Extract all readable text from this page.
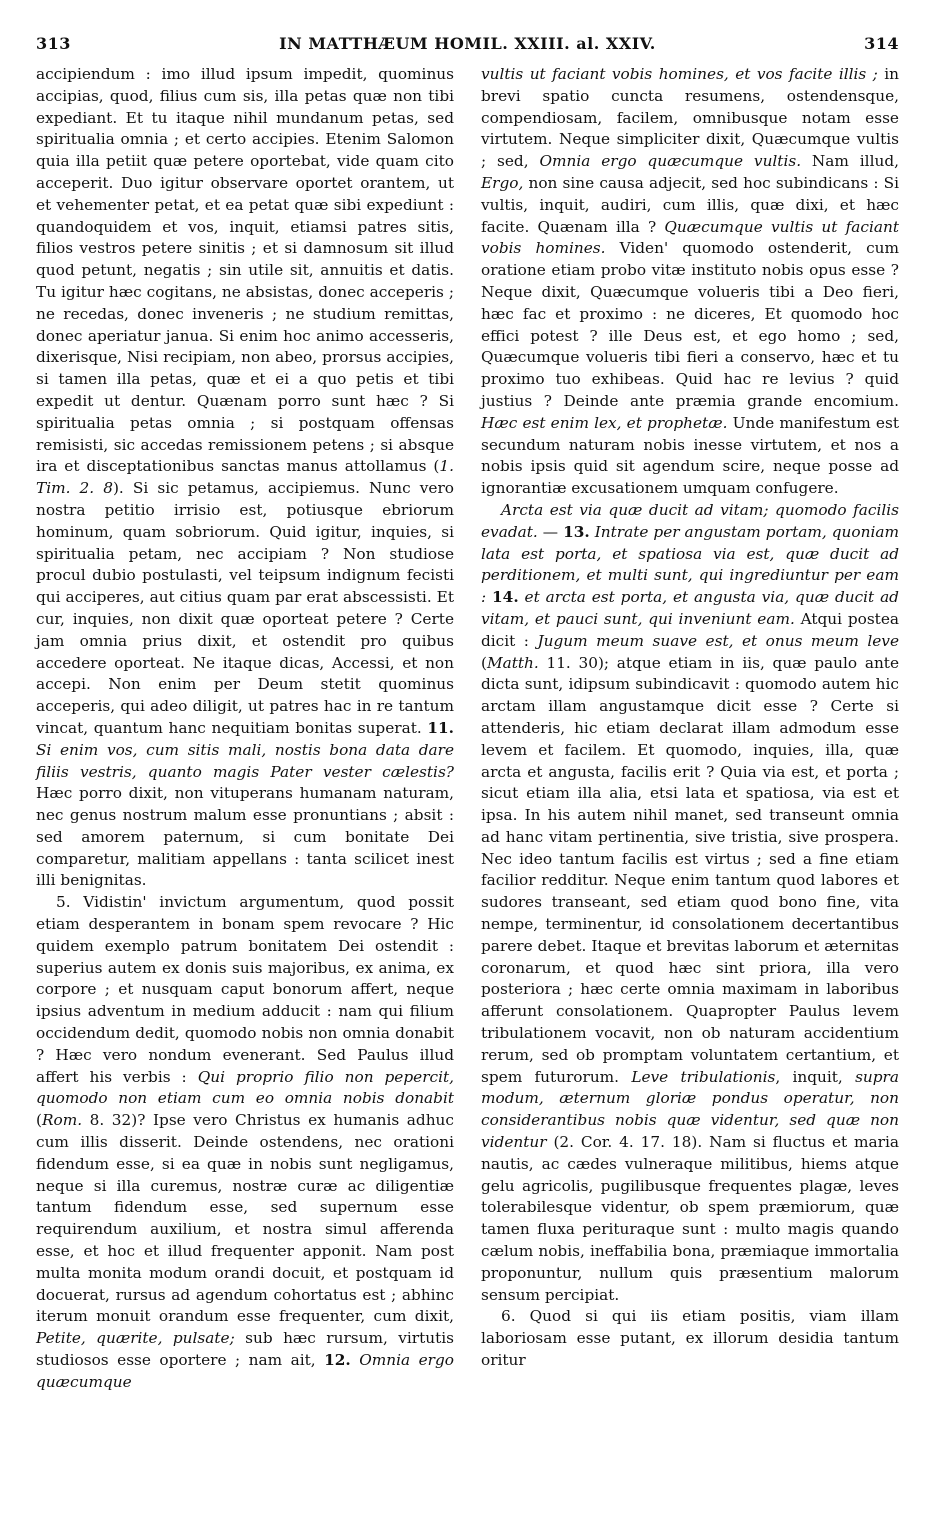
313	IN MATTHÆUM HOMIL. XXIII. al. XXIV.	314

accipiendum : imo illud ipsum impedit, quominus accipias, quod, filius cum sis, illa petas quæ non tibi expediant. Et tu itaque nihil mundanum petas, sed spiritualia omnia ; et certo accipies. Etenim Salomon quia illa petiit quæ petere oportebat, vide quam cito acceperit. Duo igitur observare oportet orantem, ut et vehementer petat, et ea petat quæ sibi expediunt : quandoquidem et vos, inquit, etiamsi patres sitis, filios vestros petere sinitis ; et si damnosum sit illud quod petunt, negatis ; sin utile sit, annuitis et datis. Tu igitur hæc cogitans, ne absistas, donec acceperis ; ne recedas, donec inveneris ; ne studium remittas, donec aperiatur janua. Si enim hoc animo accesseris, dixerisque, Nisi recipiam, non abeo, prorsus accipies, si tamen illa petas, quæ et ei a quo petis et tibi expedit ut dentur. Quænam porro sunt hæc ? Si spiritualia petas omnia ; si postquam offensas remisisti, sic accedas remissionem petens ; si absque ira et disceptationibus sanctas manus attollamus (1. Tim. 2. 8). Si sic petamus, accipiemus. Nunc vero nostra petitio irrisio est, potiusque ebriorum hominum, quam sobriorum. Quid igitur, inquies, si spiritualia petam, nec accipiam ? Non studiose procul dubio postulasti, vel teipsum indignum fecisti qui acciperes, aut citius quam par erat abscessisti. Et cur, inquies, non dixit quæ oporteat petere ? Certe jam omnia prius dixit, et ostendit pro quibus accedere oporteat. Ne itaque dicas, Accessi, et non accepi. Non enim per Deum stetit quominus acceperis, qui adeo diligit, ut patres hac in re tantum vincat, quantum hanc nequitiam bonitas superat. 11. Si enim vos, cum sitis mali, nostis bona data dare filiis vestris, quanto magis Pater vester cælestis? Hæc porro dixit, non vituperans humanam naturam, nec genus nostrum malum esse pronuntians ; absit : sed amorem paternum, si cum bonitate Dei comparetur, malitiam appellans : tanta scilicet inest illi benignitas.

5. Vidistin' invictum argumentum, quod possit etiam desperantem in bonam spem revocare ? Hic quidem exemplo patrum bonitatem Dei ostendit : superius autem ex donis suis majoribus, ex anima, ex corpore ; et nusquam caput bonorum affert, neque ipsius adventum in medium adducit : nam qui filium occidendum dedit, quomodo nobis non omnia donabit ? Hæc vero nondum evenerant. Sed Paulus illud affert his verbis : Qui proprio filio non pepercit, quomodo non etiam cum eo omnia nobis donabit (Rom. 8. 32)? Ipse vero Christus ex humanis adhuc cum illis disserit. Deinde ostendens, nec orationi fidendum esse, si ea quæ in nobis sunt negligamus, neque si illa curemus, nostræ curæ ac diligentiæ tantum fidendum esse, sed supernum esse requirendum auxilium, et nostra simul afferenda esse, et hoc et illud frequenter apponit. Nam post multa monita modum orandi docuit, et postquam id docuerat, rursus ad agendum cohortatus est ; abhinc iterum monuit orandum esse frequenter, cum dixit, Petite, quærite, pulsate; sub hæc rursum, virtutis studiosos esse oportere ; nam ait, 12. Omnia ergo quæcumque

vultis ut faciant vobis homines, et vos facite illis ; in brevi spatio cuncta resumens, ostendensque, compendiosam, facilem, omnibusque notam esse virtutem. Neque simpliciter dixit, Quæcumque vultis ; sed, Omnia ergo quæcumque vultis. Nam illud, Ergo, non sine causa adjecit, sed hoc subindicans : Si vultis, inquit, audiri, cum illis, quæ dixi, et hæc facite. Quænam illa ? Quæcumque vultis ut faciant vobis homines. Viden' quomodo ostenderit, cum oratione etiam probo vitæ instituto nobis opus esse ? Neque dixit, Quæcumque volueris tibi a Deo fieri, hæc fac et proximo : ne diceres, Et quomodo hoc effici potest ? ille Deus est, et ego homo ; sed, Quæcumque volueris tibi fieri a conservo, hæc et tu proximo tuo exhibeas. Quid hac re levius ? quid justius ? Deinde ante præmia grande encomium. Hæc est enim lex, et prophetæ. Unde manifestum est secundum naturam nobis inesse virtutem, et nos a nobis ipsis quid sit agendum scire, neque posse ad ignorantiæ excusationem umquam confugere.

Arcta est via quæ ducit ad vitam; quomodo facilis evadat. — 13. Intrate per angustam portam, quoniam lata est porta, et spatiosa via est, quæ ducit ad perditionem, et multi sunt, qui ingrediuntur per eam : 14. et arcta est porta, et angusta via, quæ ducit ad vitam, et pauci sunt, qui inveniunt eam. Atqui postea dicit : Jugum meum suave est, et onus meum leve (Matth. 11. 30); atque etiam in iis, quæ paulo ante dicta sunt, idipsum subindicavit : quomodo autem hic arctam illam angustamque dicit esse ? Certe si attenderis, hic etiam declarat illam admodum esse levem et facilem. Et quomodo, inquies, illa, quæ arcta et angusta, facilis erit ? Quia via est, et porta ; sicut etiam illa alia, etsi lata et spatiosa, via est et ipsa. In his autem nihil manet, sed transeunt omnia ad hanc vitam pertinentia, sive tristia, sive prospera. Nec ideo tantum facilis est virtus ; sed a fine etiam facilior redditur. Neque enim tantum quod labores et sudores transeant, sed etiam quod bono fine, vita nempe, terminentur, id consolationem decertantibus parere debet. Itaque et brevitas laborum et æternitas coronarum, et quod hæc sint priora, illa vero posteriora ; hæc certe omnia maximam in laboribus afferunt consolationem. Quapropter Paulus levem tribulationem vocavit, non ob naturam accidentium rerum, sed ob promptam voluntatem certantium, et spem futurorum. Leve tribulationis, inquit, supra modum, æternum gloriæ pondus operatur, non considerantibus nobis quæ videntur, sed quæ non videntur (2. Cor. 4. 17. 18). Nam si fluctus et maria nautis, ac cædes vulneraque militibus, hiems atque gelu agricolis, pugilibusque frequentes plagæ, leves tolerabilesque videntur, ob spem præmiorum, quæ tamen fluxa perituraque sunt : multo magis quando cælum nobis, ineffabilia bona, præmiaque immortalia proponuntur, nullum quis præsentium malorum sensum percipiat.

6. Quod si qui iis etiam positis, viam illam laboriosam esse putant, ex illorum desidia tantum oritur
